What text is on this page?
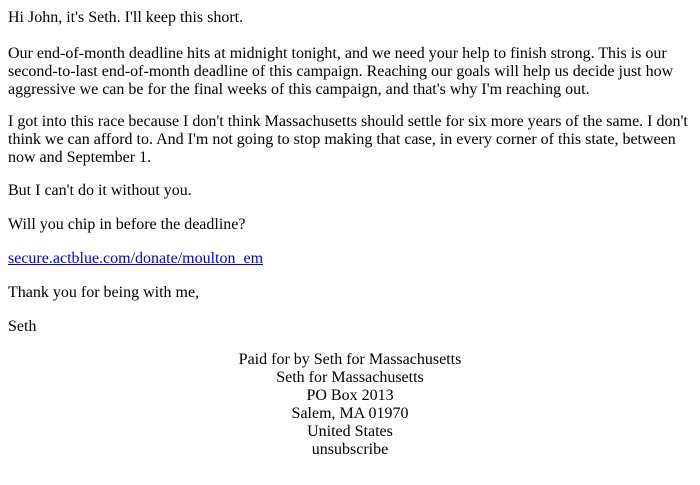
Hi John, it's Seth. I'll keep this short.

Our end-of-month deadline hits at midnight tonight, and we need your help to finish strong. This is our
second-to-last end-of-month deadline of this campaign. Reaching our goals will help us decide just how
aggressive we can be for the final weeks of this campaign, and that's why I'm reaching out.
I got into this race because I don't think Massachusetts should settle for six more years of the same. I don't
think we can afford to. And I'm not going to stop making that case, in every corner of this state, between
now and September 1.

But I can't do it without you.

Will you chip in before the deadline?

secure.actblue.com/donate/moulton_em

Thank you for being with me,

Seth

Paid for by Seth for Massachusetts
Seth for Massachusetts
PO Box 2013
Salem, MA 01970
United States
unsubscribe
